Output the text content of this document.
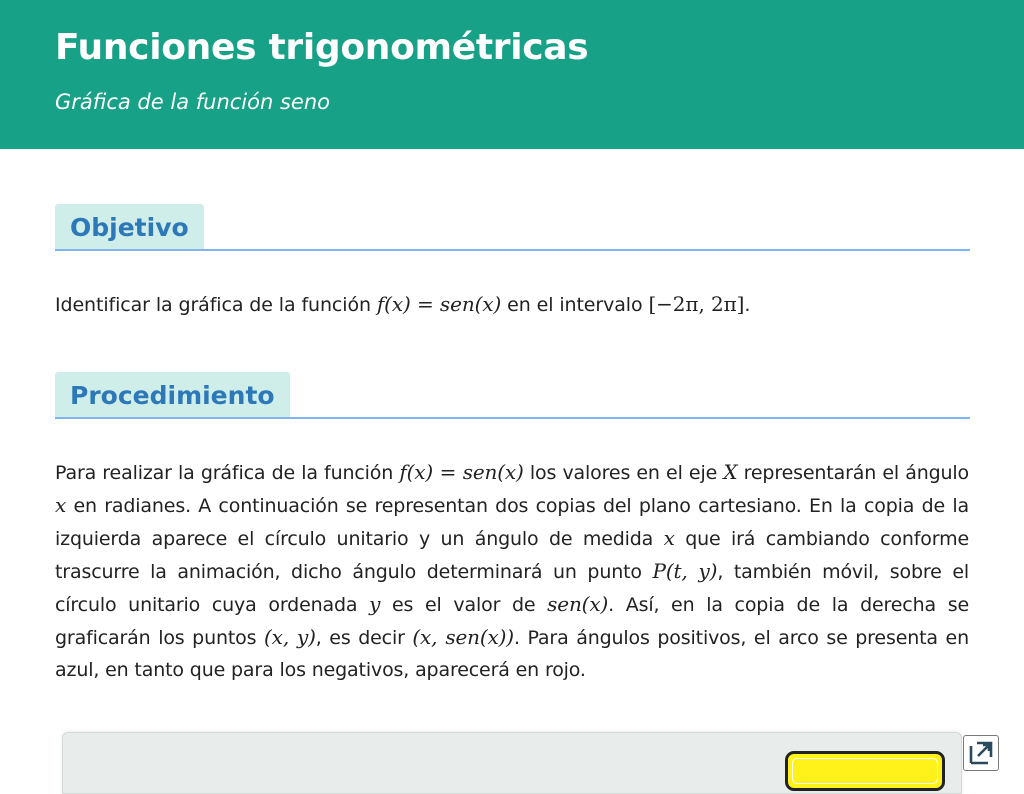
Funciones trigonométricas

Gráfica de la función seno

Objetivo

Identificar la gráfica de la función f(x) = sen(x) en el intervalo [−2π, 2π].

Procedimiento

Para realizar la gráfica de la función f(x) = sen(x) los valores en el eje X representarán el ángulo x en radianes. A continuación se representan dos copias del plano cartesiano. En la copia de la izquierda aparece el círculo unitario y un ángulo de medida x que irá cambiando conforme trascurre la animación, dicho ángulo determinará un punto P(t, y), también móvil, sobre el círculo unitario cuya ordenada y es el valor de sen(x). Así, en la copia de la derecha se graficarán los puntos (x, y), es decir (x, sen(x)). Para ángulos positivos, el arco se presenta en azul, en tanto que para los negativos, aparecerá en rojo.
